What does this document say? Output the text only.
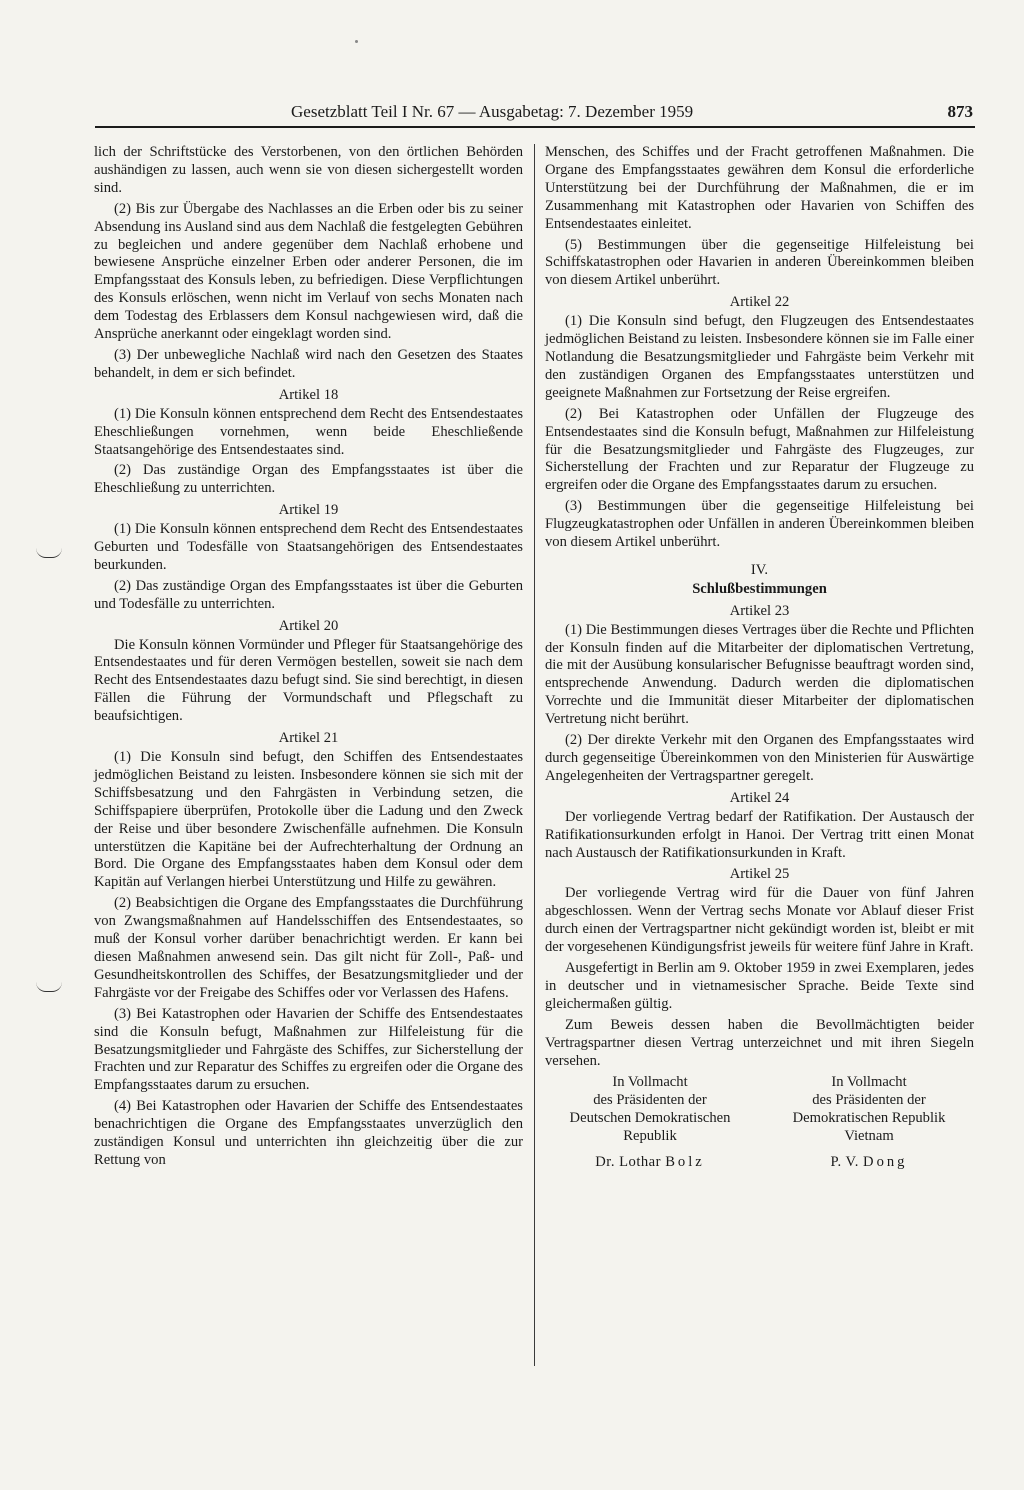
Gesetzblatt Teil I Nr. 67 — Ausgabetag: 7. Dezember 1959	873

lich der Schriftstücke des Verstorbenen, von den örtlichen Behörden aushändigen zu lassen, auch wenn sie von diesen sichergestellt worden sind.

(2) Bis zur Übergabe des Nachlasses an die Erben oder bis zu seiner Absendung ins Ausland sind aus dem Nachlaß die festgelegten Gebühren zu begleichen und andere gegenüber dem Nachlaß erhobene und bewiesene Ansprüche einzelner Erben oder anderer Personen, die im Empfangsstaat des Konsuls leben, zu befriedigen. Diese Verpflichtungen des Konsuls erlöschen, wenn nicht im Verlauf von sechs Monaten nach dem Todestag des Erblassers dem Konsul nachgewiesen wird, daß die Ansprüche anerkannt oder eingeklagt worden sind.

(3) Der unbewegliche Nachlaß wird nach den Gesetzen des Staates behandelt, in dem er sich befindet.

Artikel 18

(1) Die Konsuln können entsprechend dem Recht des Entsendestaates Eheschließungen vornehmen, wenn beide Eheschließende Staatsangehörige des Entsendestaates sind.

(2) Das zuständige Organ des Empfangsstaates ist über die Eheschließung zu unterrichten.

Artikel 19

(1) Die Konsuln können entsprechend dem Recht des Entsendestaates Geburten und Todesfälle von Staatsangehörigen des Entsendestaates beurkunden.

(2) Das zuständige Organ des Empfangsstaates ist über die Geburten und Todesfälle zu unterrichten.

Artikel 20

Die Konsuln können Vormünder und Pfleger für Staatsangehörige des Entsendestaates und für deren Vermögen bestellen, soweit sie nach dem Recht des Entsendestaates dazu befugt sind. Sie sind berechtigt, in diesen Fällen die Führung der Vormundschaft und Pflegschaft zu beaufsichtigen.

Artikel 21

(1) Die Konsuln sind befugt, den Schiffen des Entsendestaates jedmöglichen Beistand zu leisten. Insbesondere können sie sich mit der Schiffsbesatzung und den Fahrgästen in Verbindung setzen, die Schiffspapiere überprüfen, Protokolle über die Ladung und den Zweck der Reise und über besondere Zwischenfälle aufnehmen. Die Konsuln unterstützen die Kapitäne bei der Aufrechterhaltung der Ordnung an Bord. Die Organe des Empfangsstaates haben dem Konsul oder dem Kapitän auf Verlangen hierbei Unterstützung und Hilfe zu gewähren.

(2) Beabsichtigen die Organe des Empfangsstaates die Durchführung von Zwangsmaßnahmen auf Handelsschiffen des Entsendestaates, so muß der Konsul vorher darüber benachrichtigt werden. Er kann bei diesen Maßnahmen anwesend sein. Das gilt nicht für Zoll-, Paß- und Gesundheitskontrollen des Schiffes, der Besatzungsmitglieder und der Fahrgäste vor der Freigabe des Schiffes oder vor Verlassen des Hafens.

(3) Bei Katastrophen oder Havarien der Schiffe des Entsendestaates sind die Konsuln befugt, Maßnahmen zur Hilfeleistung für die Besatzungsmitglieder und Fahrgäste des Schiffes, zur Sicherstellung der Frachten und zur Reparatur des Schiffes zu ergreifen oder die Organe des Empfangsstaates darum zu ersuchen.

(4) Bei Katastrophen oder Havarien der Schiffe des Entsendestaates benachrichtigen die Organe des Empfangsstaates unverzüglich den zuständigen Konsul und unterrichten ihn gleichzeitig über die zur Rettung von

Menschen, des Schiffes und der Fracht getroffenen Maßnahmen. Die Organe des Empfangsstaates gewähren dem Konsul die erforderliche Unterstützung bei der Durchführung der Maßnahmen, die er im Zusammenhang mit Katastrophen oder Havarien von Schiffen des Entsendestaates einleitet.

(5) Bestimmungen über die gegenseitige Hilfeleistung bei Schiffskatastrophen oder Havarien in anderen Übereinkommen bleiben von diesem Artikel unberührt.

Artikel 22

(1) Die Konsuln sind befugt, den Flugzeugen des Entsendestaates jedmöglichen Beistand zu leisten. Insbesondere können sie im Falle einer Notlandung die Besatzungsmitglieder und Fahrgäste beim Verkehr mit den zuständigen Organen des Empfangsstaates unterstützen und geeignete Maßnahmen zur Fortsetzung der Reise ergreifen.

(2) Bei Katastrophen oder Unfällen der Flugzeuge des Entsendestaates sind die Konsuln befugt, Maßnahmen zur Hilfeleistung für die Besatzungsmitglieder und Fahrgäste des Flugzeuges, zur Sicherstellung der Frachten und zur Reparatur der Flugzeuge zu ergreifen oder die Organe des Empfangsstaates darum zu ersuchen.

(3) Bestimmungen über die gegenseitige Hilfeleistung bei Flugzeugkatastrophen oder Unfällen in anderen Übereinkommen bleiben von diesem Artikel unberührt.

IV.
Schlußbestimmungen
Artikel 23

(1) Die Bestimmungen dieses Vertrages über die Rechte und Pflichten der Konsuln finden auf die Mitarbeiter der diplomatischen Vertretung, die mit der Ausübung konsularischer Befugnisse beauftragt worden sind, entsprechende Anwendung. Dadurch werden die diplomatischen Vorrechte und die Immunität dieser Mitarbeiter der diplomatischen Vertretung nicht berührt.

(2) Der direkte Verkehr mit den Organen des Empfangsstaates wird durch gegenseitige Übereinkommen von den Ministerien für Auswärtige Angelegenheiten der Vertragspartner geregelt.

Artikel 24

Der vorliegende Vertrag bedarf der Ratifikation. Der Austausch der Ratifikationsurkunden erfolgt in Hanoi. Der Vertrag tritt einen Monat nach Austausch der Ratifikationsurkunden in Kraft.

Artikel 25

Der vorliegende Vertrag wird für die Dauer von fünf Jahren abgeschlossen. Wenn der Vertrag sechs Monate vor Ablauf dieser Frist durch einen der Vertragspartner nicht gekündigt worden ist, bleibt er mit der vorgesehenen Kündigungsfrist jeweils für weitere fünf Jahre in Kraft.

Ausgefertigt in Berlin am 9. Oktober 1959 in zwei Exemplaren, jedes in deutscher und in vietnamesischer Sprache. Beide Texte sind gleichermaßen gültig.

Zum Beweis dessen haben die Bevollmächtigten beider Vertragspartner diesen Vertrag unterzeichnet und mit ihren Siegeln versehen.

In Vollmacht
des Präsidenten der
Deutschen Demokratischen
Republik
Dr. Lothar Bolz
In Vollmacht
des Präsidenten der
Demokratischen Republik
Vietnam
P. V. Dong
